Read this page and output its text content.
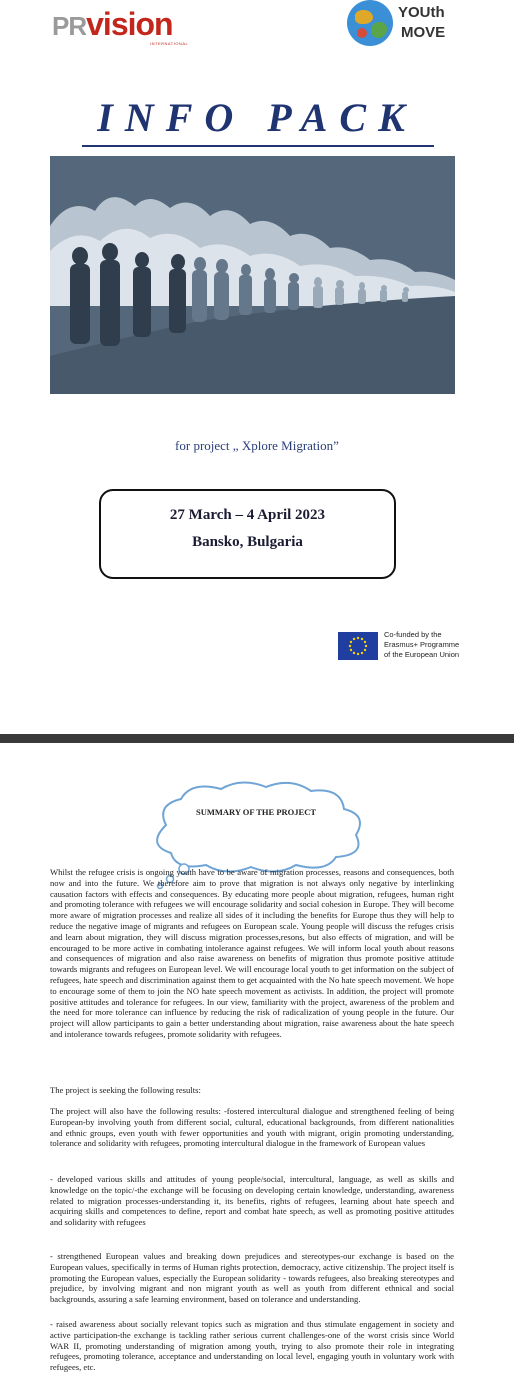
PRvision
INTERNATIONAL
YOUth
MOVE
INFO PACK
for project „ Xplore Migration”
27 March – 4 April 2023
Bansko, Bulgaria
Co-funded by the
Erasmus+ Programme
of the European Union
SUMMARY OF THE PROJECT

Whilst the refugee crisis is ongoing youth have to be aware of migration processes, reasons and consequences, both now and into the future. We therefore aim to prove that migration is not always only negative by interlinking causation factors with effects and consequences. By educating more people about migration, refugees, human right and promoting tolerance with refugees we will encourage solidarity and social cohesion in Europe. They will become more aware of migration processes and realize all sides of it including the benefits for Europe thus they will help to reduce the negative image of migrants and refugees on European scale. Young people will discuss the refuges crisis and learn about migration, they will discuss migration processes,resons, but also effects of migration, and will be encouraged to be more active in combating intolerance against refugees. We will inform local youth about reasons and consequences of migration and also raise awareness on benefits of migration thus promote positive attitude towards migrants and refugees on European level. We will encourage local youth to get information on the subject of refugees, hate speech and discrimination against them to get acquainted with the No hate speech movement. We hope to encourage some of them to join the NO hate speech movement as activists. In addition, the project will promote positive attitudes and tolerance for refugees. In our view, familiarity with the project, awareness of the problem and the need for more tolerance can influence by reducing the risk of radicalization of young people in the future. Our project will allow participants to gain a better understanding about migration, raise awareness about the hate speech and intolerance towards refugees, promote solidarity with refugees.

The project is seeking the following results:

The project will also have the following results: -fostered intercultural dialogue and strengthened feeling of being European-by involving youth from different social, cultural, educational backgrounds, from different nationalities and ethnic groups, even youth with fewer opportunities and youth with migrant, origin promoting understanding, tolerance and solidarity with refugees, promoting intercultural dialogue in the framework of European values

- developed various skills and attitudes of young people/social, intercultural, language, as well as skills and knowledge on the topic/-the exchange will be focusing on developing certain knowledge, understanding, awareness related to migration processes-understanding it, its benefits, rights of refugees, learning about hate speech and acquiring skills and competences to define, report and combat hate speech, as well as promoting positive attitudes and solidarity with refugees

- strengthened European values and breaking down prejudices and stereotypes-our exchange is based on the European values, specifically in terms of Human rights protection, democracy, active citizenship. The project itself is promoting the European values, especially the European solidarity - towards refugees, also breaking stereotypes and prejudice, by involving migrant and non migrant youth as well as youth from different ethnical and social backgrounds, assuring a safe learning environment, based on tolerance and understanding.

- raised awareness about socially relevant topics such as migration and thus stimulate engagement in society and active participation-the exchange is tackling rather serious current challenges-one of the worst crisis since World WAR II, promoting understanding of migration among youth, trying to also promote their role in integrating refugees, promoting tolerance, acceptance and understanding on local level, engaging youth in voluntary work with refugees, etc.
